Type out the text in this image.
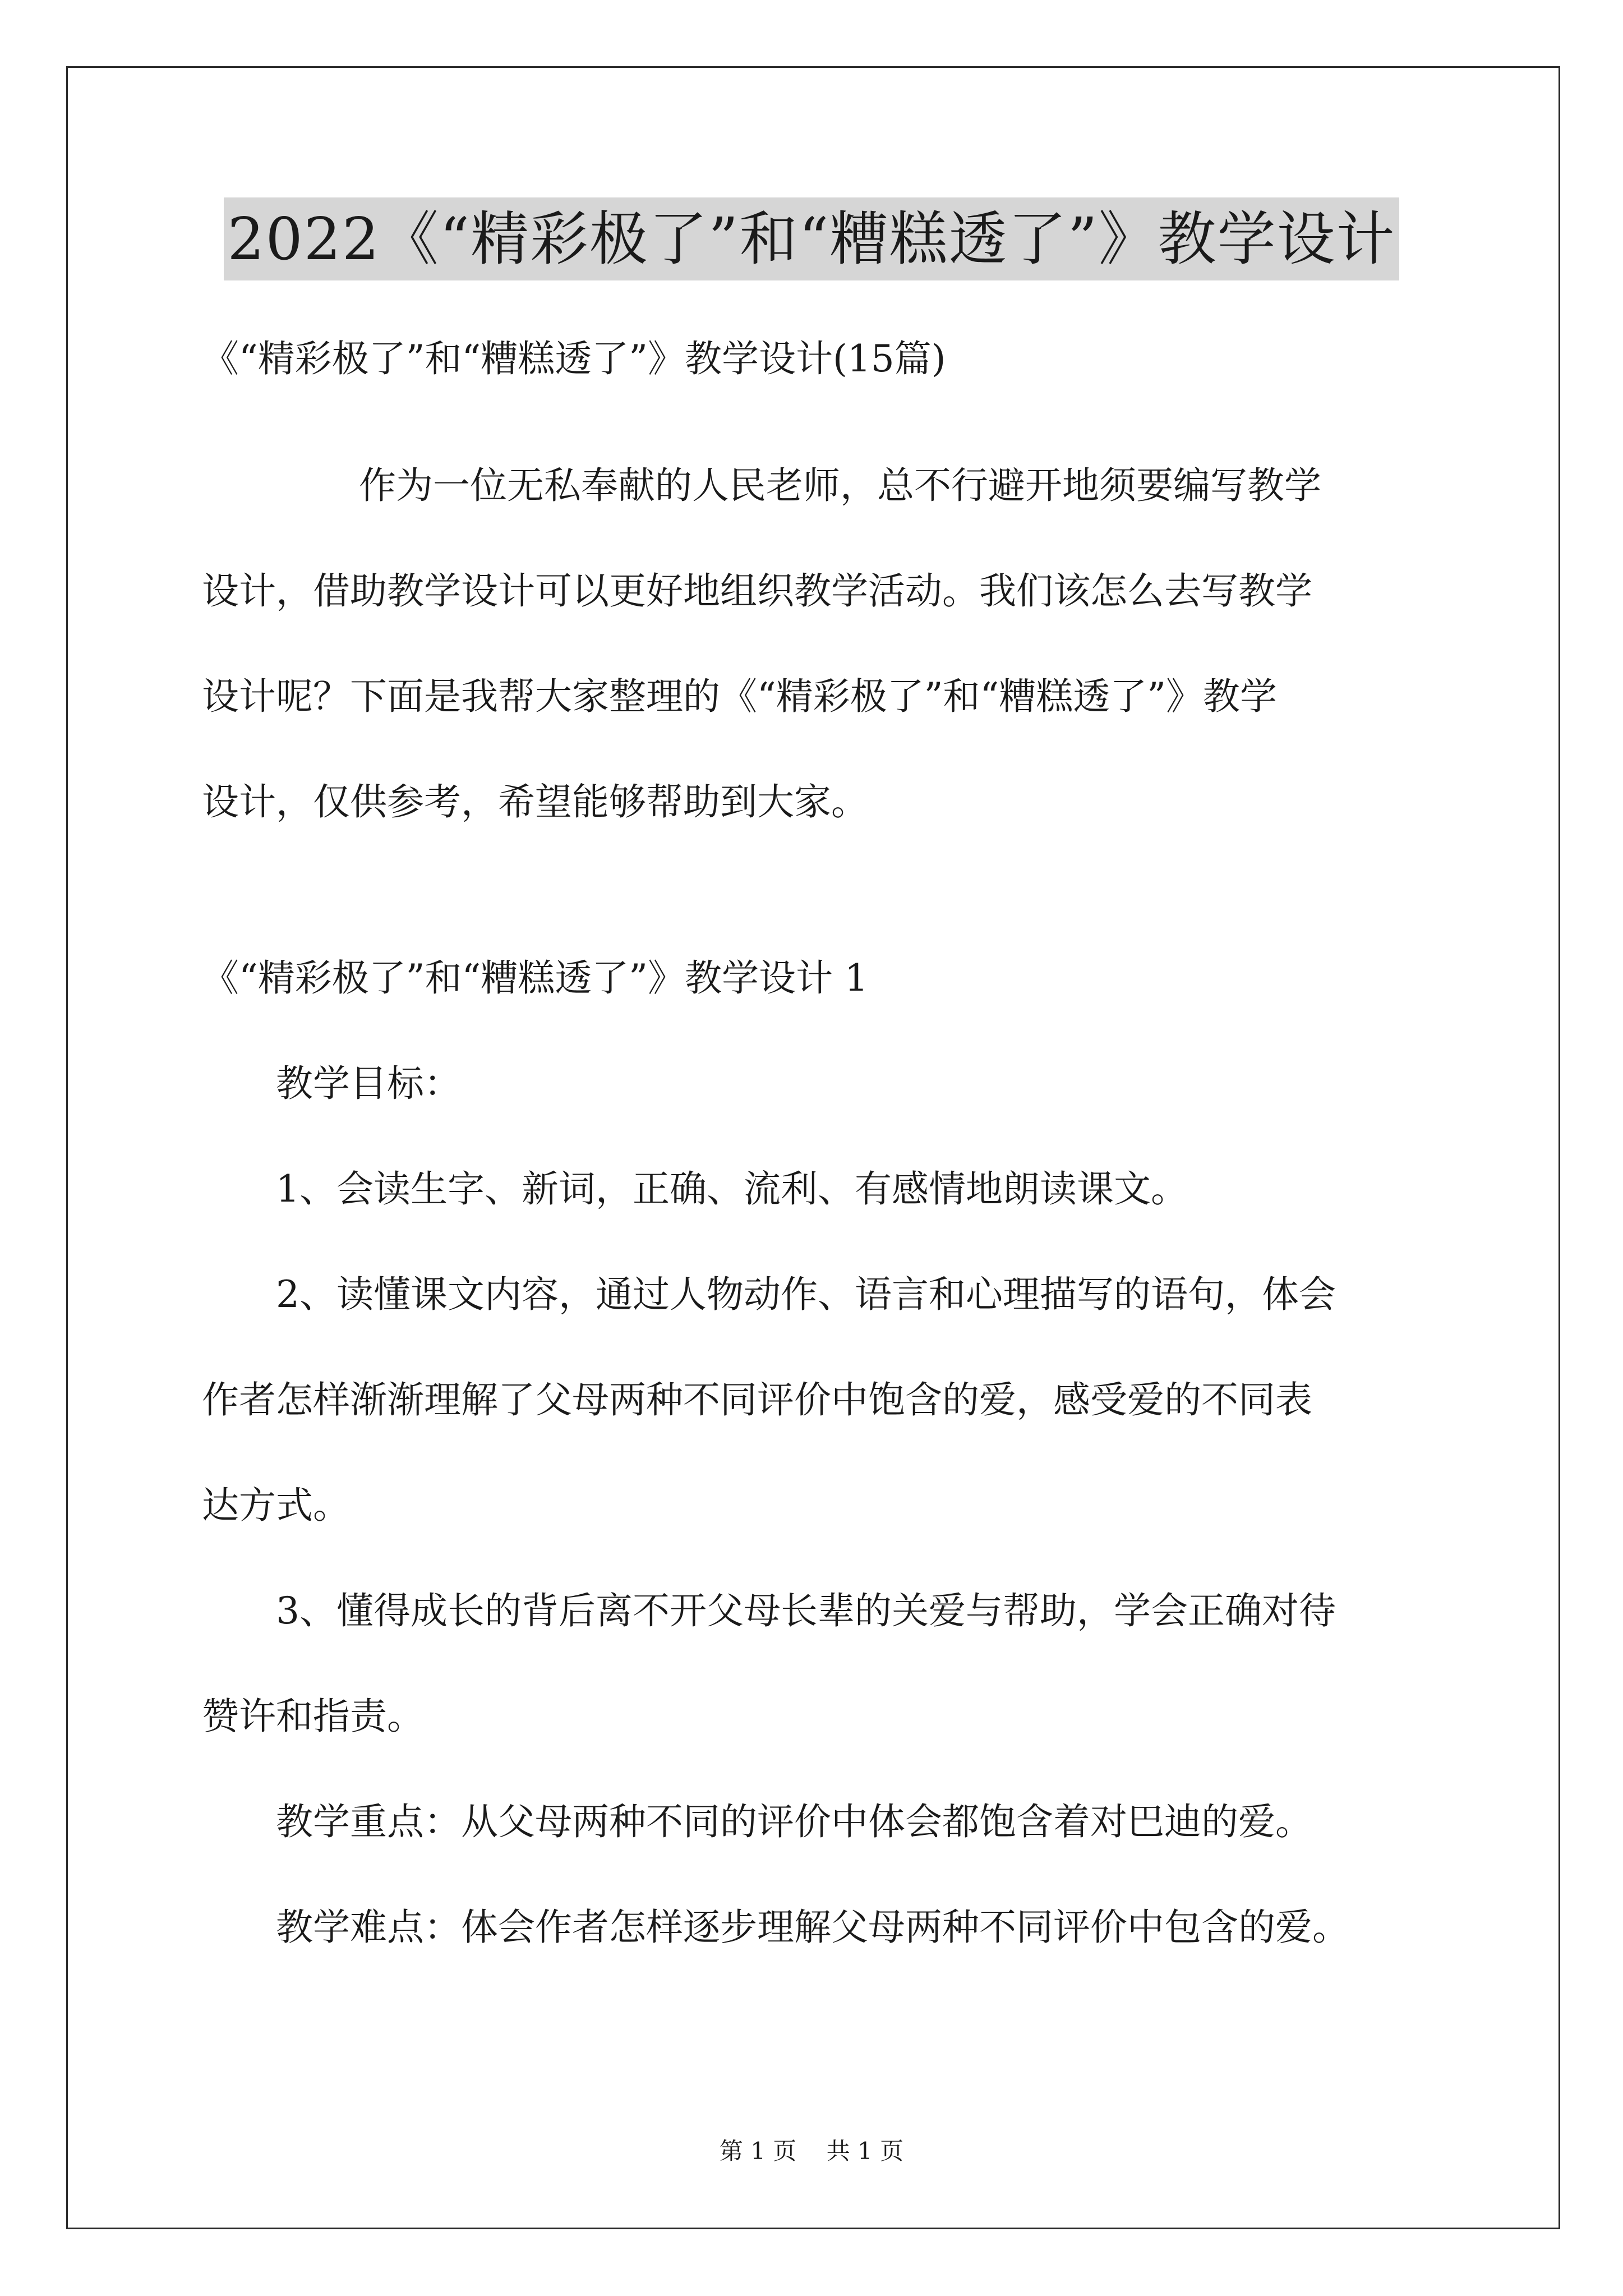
2022《“精彩极了”和“糟糕透了”》教学设计

《“精彩极了”和“糟糕透了”》教学设计(15篇)

作为一位无私奉献的人民老师，总不行避开地须要编写教学

设计，借助教学设计可以更好地组织教学活动。我们该怎么去写教学

设计呢？下面是我帮大家整理的《“精彩极了”和“糟糕透了”》教学

设计，仅供参考，希望能够帮助到大家。

《“精彩极了”和“糟糕透了”》教学设计 1

教学目标：

1、会读生字、新词，正确、流利、有感情地朗读课文。

2、读懂课文内容，通过人物动作、语言和心理描写的语句，体会

作者怎样渐渐理解了父母两种不同评价中饱含的爱，感受爱的不同表

达方式。

3、懂得成长的背后离不开父母长辈的关爱与帮助，学会正确对待

赞许和指责。

教学重点：从父母两种不同的评价中体会都饱含着对巴迪的爱。

教学难点：体会作者怎样逐步理解父母两种不同评价中包含的爱。

第 1 页    共 1 页
